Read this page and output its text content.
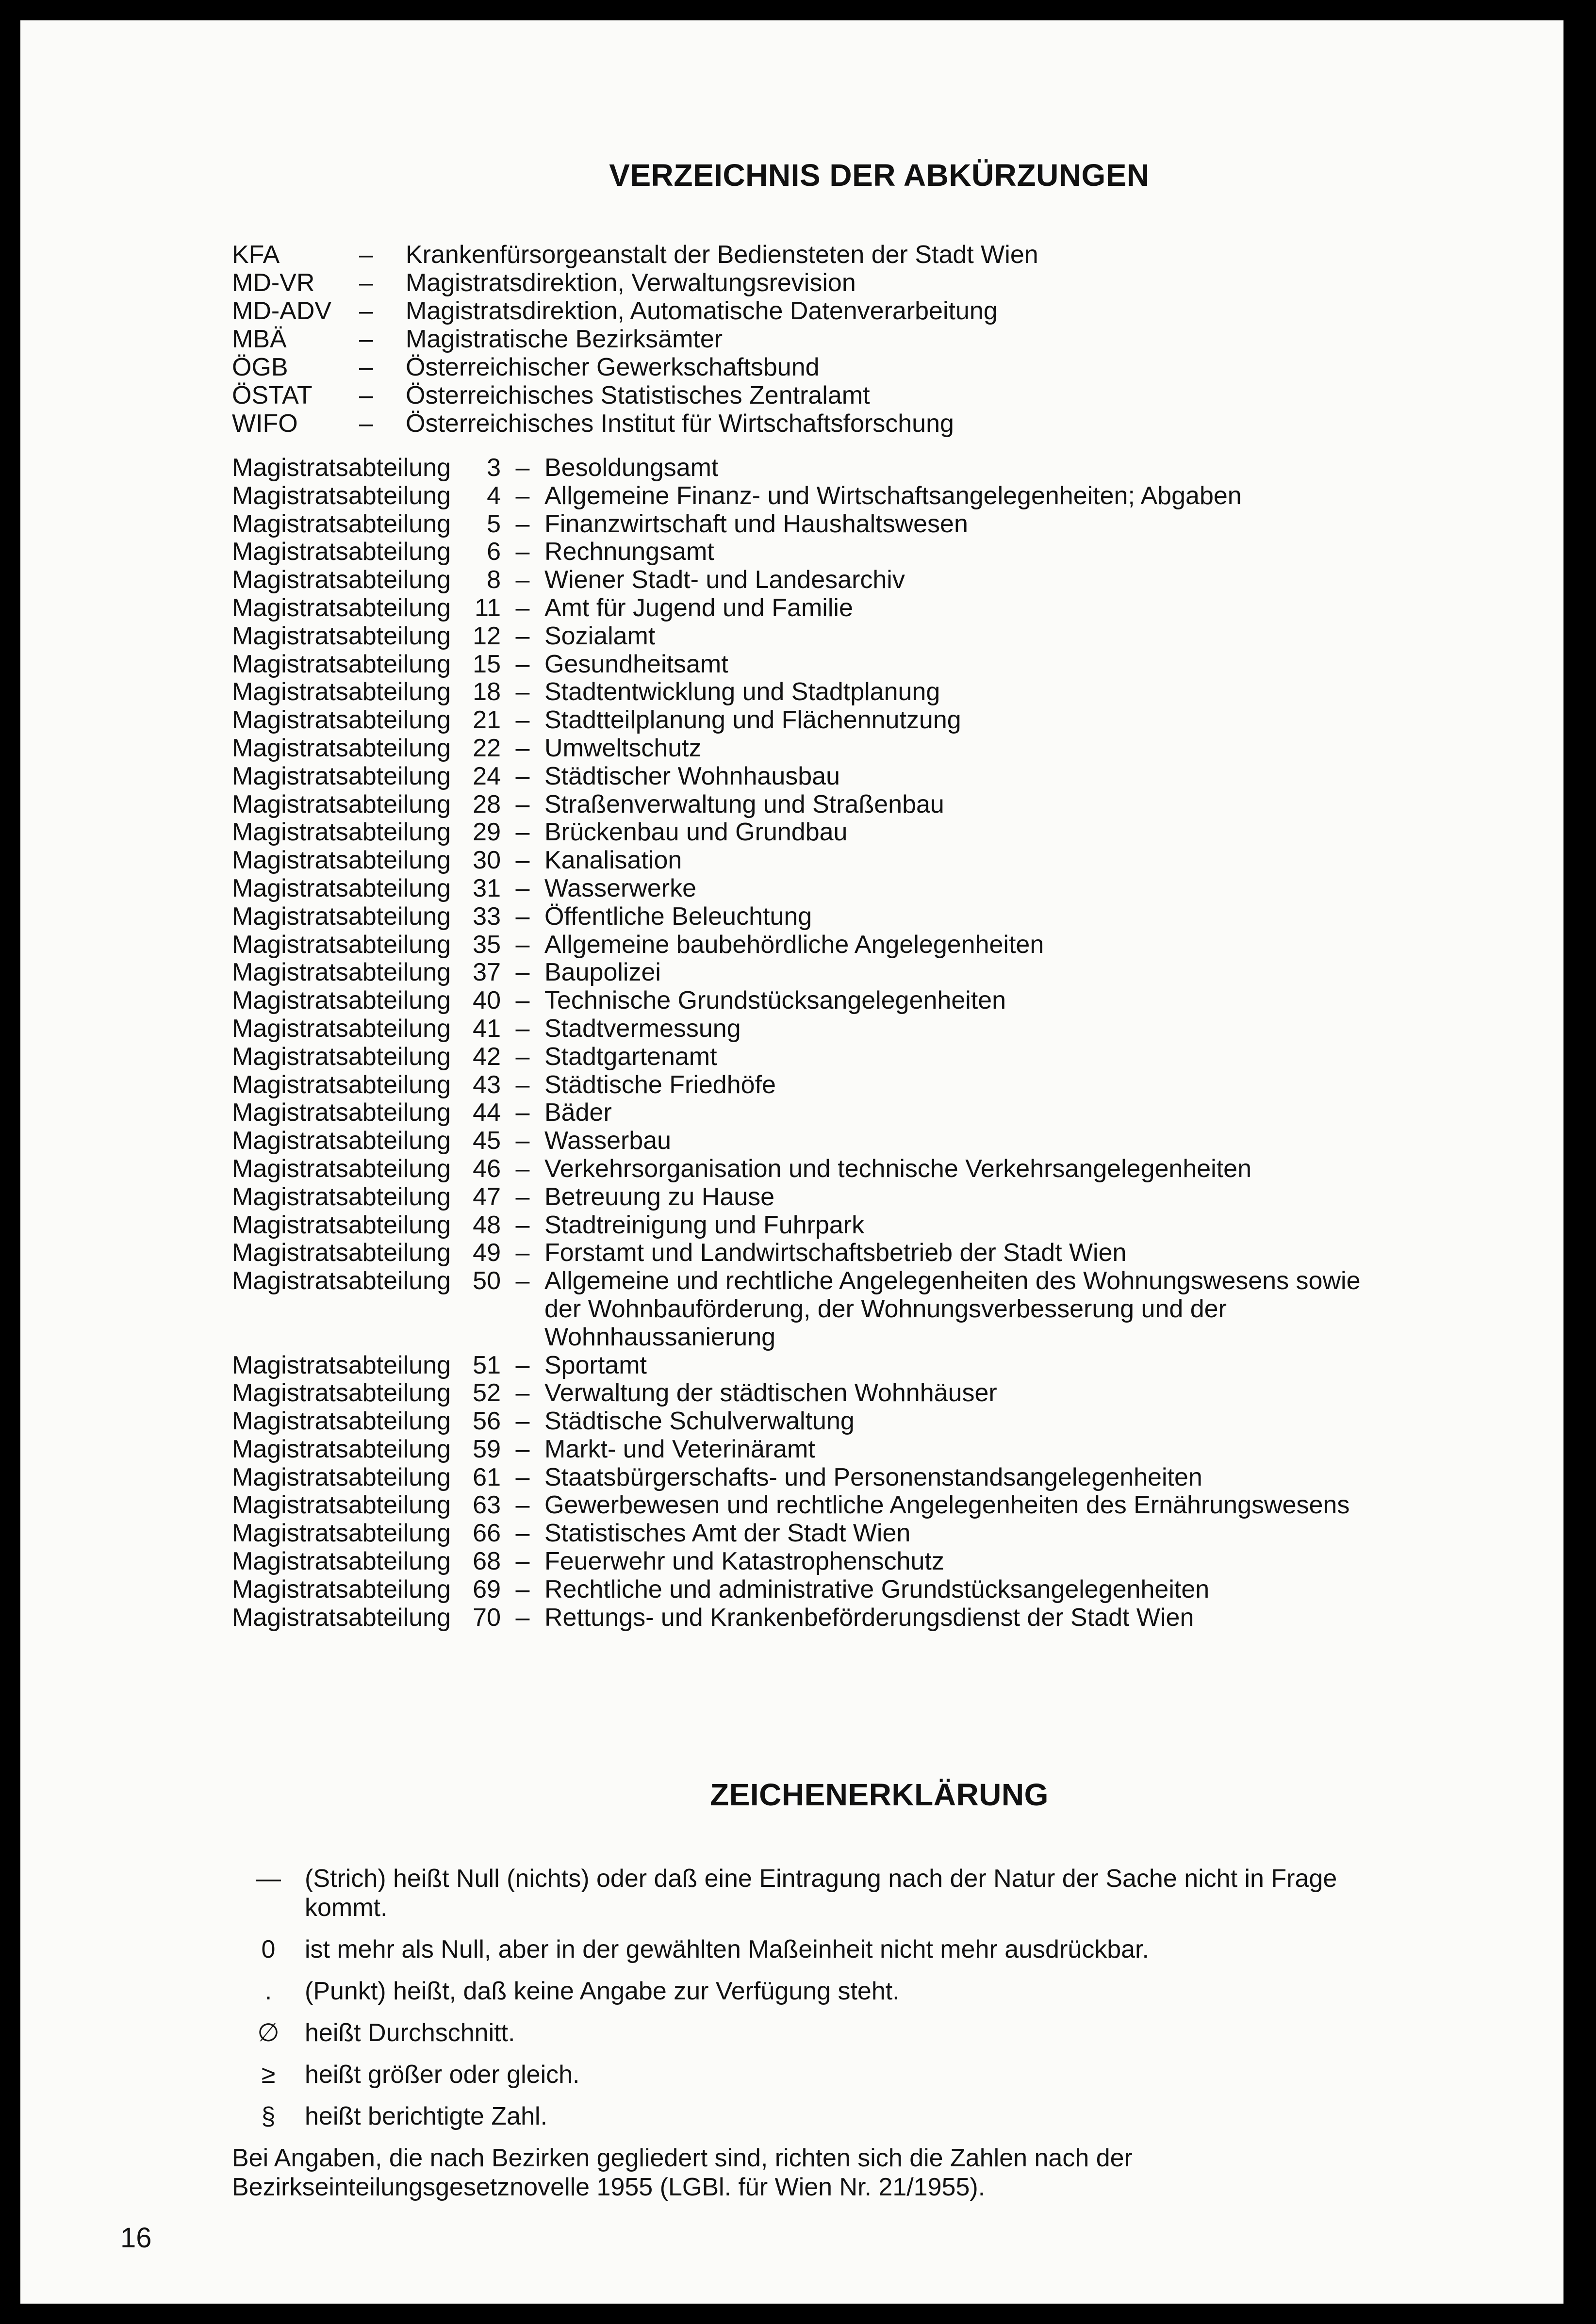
VERZEICHNIS DER ABKÜRZUNGEN
KFA	–	Krankenfürsorgeanstalt der Bediensteten der Stadt Wien
MD-VR	–	Magistratsdirektion, Verwaltungsrevision
MD-ADV	–	Magistratsdirektion, Automatische Datenverarbeitung
MBÄ	–	Magistratische Bezirksämter
ÖGB	–	Österreichischer Gewerkschaftsbund
ÖSTAT	–	Österreichisches Statistisches Zentralamt
WIFO	–	Österreichisches Institut für Wirtschaftsforschung
Magistratsabteilung	3 – Besoldungsamt
Magistratsabteilung	4 – Allgemeine Finanz- und Wirtschaftsangelegenheiten; Abgaben
Magistratsabteilung	5 – Finanzwirtschaft und Haushaltswesen
Magistratsabteilung	6 – Rechnungsamt
Magistratsabteilung	8 – Wiener Stadt- und Landesarchiv
Magistratsabteilung 11 – Amt für Jugend und Familie
Magistratsabteilung 12 – Sozialamt
Magistratsabteilung 15 – Gesundheitsamt
Magistratsabteilung 18 – Stadtentwicklung und Stadtplanung
Magistratsabteilung 21 – Stadtteilplanung und Flächennutzung
Magistratsabteilung 22 – Umweltschutz
Magistratsabteilung 24 – Städtischer Wohnhausbau
Magistratsabteilung 28 – Straßenverwaltung und Straßenbau
Magistratsabteilung 29 – Brückenbau und Grundbau
Magistratsabteilung 30 – Kanalisation
Magistratsabteilung 31 – Wasserwerke
Magistratsabteilung 33 – Öffentliche Beleuchtung
Magistratsabteilung 35 – Allgemeine baubehördliche Angelegenheiten
Magistratsabteilung 37 – Baupolizei
Magistratsabteilung 40 – Technische Grundstücksangelegenheiten
Magistratsabteilung 41 – Stadtvermessung
Magistratsabteilung 42 – Stadtgartenamt
Magistratsabteilung 43 – Städtische Friedhöfe
Magistratsabteilung 44 – Bäder
Magistratsabteilung 45 – Wasserbau
Magistratsabteilung 46 – Verkehrsorganisation und technische Verkehrsangelegenheiten
Magistratsabteilung 47 – Betreuung zu Hause
Magistratsabteilung 48 – Stadtreinigung und Fuhrpark
Magistratsabteilung 49 – Forstamt und Landwirtschaftsbetrieb der Stadt Wien
Magistratsabteilung 50 – Allgemeine und rechtliche Angelegenheiten des Wohnungswesens sowie der Wohnbauförderung, der Wohnungsverbesserung und der Wohnhaussanierung
Magistratsabteilung 51 – Sportamt
Magistratsabteilung 52 – Verwaltung der städtischen Wohnhäuser
Magistratsabteilung 56 – Städtische Schulverwaltung
Magistratsabteilung 59 – Markt- und Veterinäramt
Magistratsabteilung 61 – Staatsbürgerschafts- und Personenstandsangelegenheiten
Magistratsabteilung 63 – Gewerbewesen und rechtliche Angelegenheiten des Ernährungswesens
Magistratsabteilung 66 – Statistisches Amt der Stadt Wien
Magistratsabteilung 68 – Feuerwehr und Katastrophenschutz
Magistratsabteilung 69 – Rechtliche und administrative Grundstücksangelegenheiten
Magistratsabteilung 70 – Rettungs- und Krankenbeförderungsdienst der Stadt Wien
ZEICHENERKLÄRUNG
— (Strich) heißt Null (nichts) oder daß eine Eintragung nach der Natur der Sache nicht in Frage kommt.
0	ist mehr als Null, aber in der gewählten Maßeinheit nicht mehr ausdrückbar.
.	(Punkt) heißt, daß keine Angabe zur Verfügung steht.
∅	heißt Durchschnitt.
≥	heißt größer oder gleich.
§	heißt berichtigte Zahl.
Bei Angaben, die nach Bezirken gegliedert sind, richten sich die Zahlen nach der Bezirkseinteilungsgesetznovelle 1955 (LGBl. für Wien Nr. 21/1955).
16
